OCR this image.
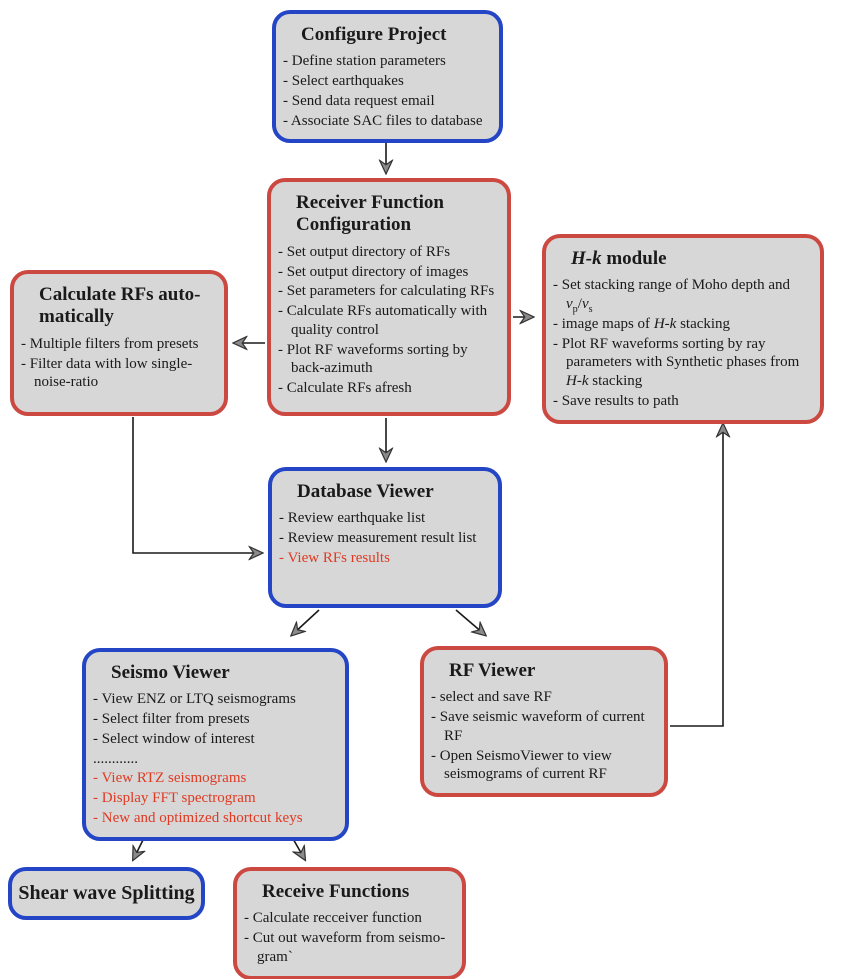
Configure Project
- Define station parameters
- Select earthquakes
- Send data request email
- Associate SAC files to database
Receiver Function Configuration
- Set output directory of RFs
- Set output directory of images
- Set parameters for calculating RFs
- Calculate RFs automatically with quality control
- Plot RF waveforms sorting by back-azimuth
- Calculate RFs afresh
H-k module
- Set stacking range of Moho depth and $v_p/v_s$
- image maps of H-k stacking
- Plot RF waveforms sorting by ray parameters with Synthetic phases from H-k stacking
- Save results to path
Calculate RFs auto-matically
- Multiple filters from presets
- Filter data with low single-noise-ratio
Database Viewer
- Review earthquake list
- Review measurement result list
- View RFs results
Seismo Viewer
- View ENZ or LTQ seismograms
- Select filter from presets
- Select window of interest
............
- View RTZ seismograms
- Display FFT spectrogram
- New and optimized shortcut keys
RF Viewer
- select and save RF
- Save seismic waveform of current RF
- Open SeismoViewer to view seismograms of current RF
Shear wave Splitting	Receive Functions
- Calculate recceiver function
- Cut out waveform from seismo-gram`
